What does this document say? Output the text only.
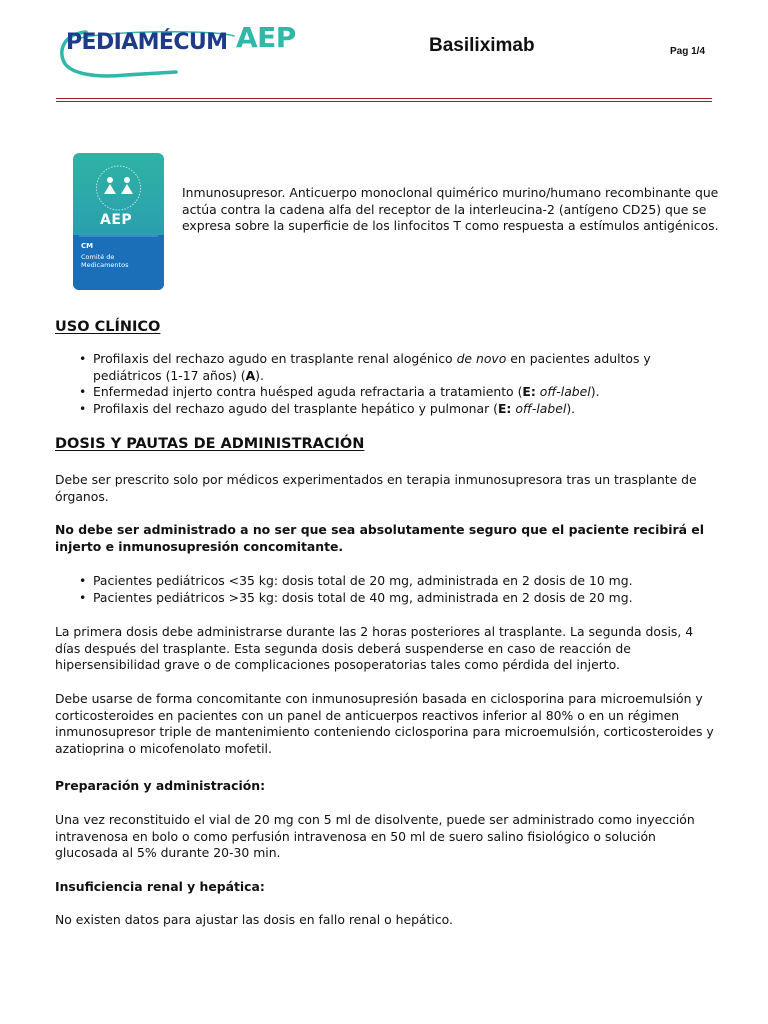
PEDIAMÉCUM AEP	Basiliximab	Pag 1/4
AEP
CM
Comité de Medicamentos
Inmunosupresor. Anticuerpo monoclonal quimérico murino/humano recombinante que actúa contra la cadena alfa del receptor de la interleucina-2 (antígeno CD25) que se expresa sobre la superficie de los linfocitos T como respuesta a estímulos antigénicos.
USO CLÍNICO
• Profilaxis del rechazo agudo en trasplante renal alogénico de novo en pacientes adultos y pediátricos (1-17 años) (A).
• Enfermedad injerto contra huésped aguda refractaria a tratamiento (E: off-label).
• Profilaxis del rechazo agudo del trasplante hepático y pulmonar (E: off-label).
DOSIS Y PAUTAS DE ADMINISTRACIÓN
Debe ser prescrito solo por médicos experimentados en terapia inmunosupresora tras un trasplante de órganos.
No debe ser administrado a no ser que sea absolutamente seguro que el paciente recibirá el injerto e inmunosupresión concomitante.
• Pacientes pediátricos <35 kg: dosis total de 20 mg, administrada en 2 dosis de 10 mg.
• Pacientes pediátricos >35 kg: dosis total de 40 mg, administrada en 2 dosis de 20 mg.
La primera dosis debe administrarse durante las 2 horas posteriores al trasplante. La segunda dosis, 4 días después del trasplante. Esta segunda dosis deberá suspenderse en caso de reacción de hipersensibilidad grave o de complicaciones posoperatorias tales como pérdida del injerto.
Debe usarse de forma concomitante con inmunosupresión basada en ciclosporina para microemulsión y corticosteroides en pacientes con un panel de anticuerpos reactivos inferior al 80% o en un régimen inmunosupresor triple de mantenimiento conteniendo ciclosporina para microemulsión, corticosteroides y azatioprina o micofenolato mofetil.
Preparación y administración:
Una vez reconstituido el vial de 20 mg con 5 ml de disolvente, puede ser administrado como inyección intravenosa en bolo o como perfusión intravenosa en 50 ml de suero salino fisiológico o solución glucosada al 5% durante 20-30 min.
Insuficiencia renal y hepática:
No existen datos para ajustar las dosis en fallo renal o hepático.
